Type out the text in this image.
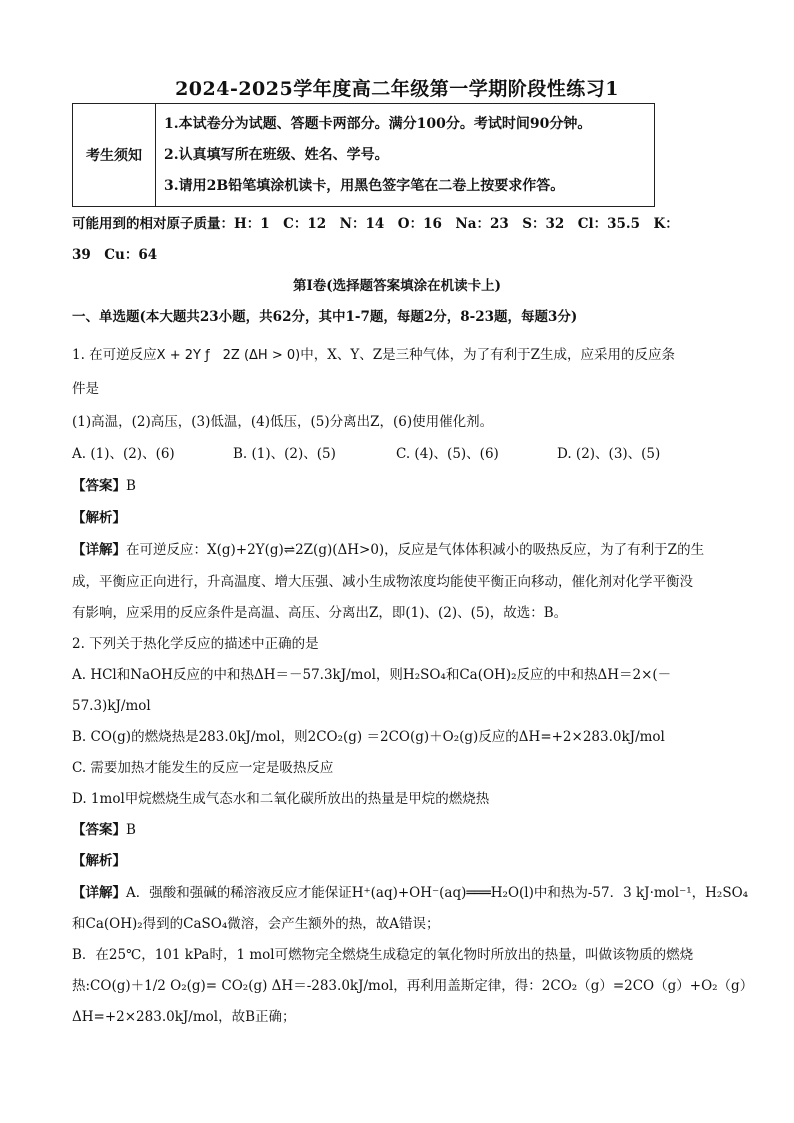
2024-2025学年度高二年级第一学期阶段性练习1
考生须知	
1.本试卷分为试题、答题卡两部分。满分100分。考试时间90分钟。
2.认真填写所在班级、姓名、学号。
3.请用2B铅笔填涂机读卡，用黑色签字笔在二卷上按要求作答。
可能用到的相对原子质量：H：1　C：12　N：14　O：16　Na：23　S：32　Cl：35.5　K：
39　Cu：64
第Ⅰ卷(选择题答案填涂在机读卡上)
一、单选题(本大题共23小题，共62分，其中1-7题，每题2分，8-23题，每题3分)
1. 在可逆反应X + 2Y ƒ　2Z (ΔH > 0)中，X、Y、Z是三种气体，为了有利于Z生成，应采用的反应条
件是
(1)高温，(2)高压，(3)低温，(4)低压，(5)分离出Z，(6)使用催化剂。
A. (1)、(2)、(6)	B. (1)、(2)、(5)	C. (4)、(5)、(6)	D. (2)、(3)、(5)
【答案】B
【解析】
【详解】在可逆反应：X(g)+2Y(g)⇌2Z(g)(ΔH>0)，反应是气体体积减小的吸热反应，为了有利于Z的生
成，平衡应正向进行，升高温度、增大压强、减小生成物浓度均能使平衡正向移动，催化剂对化学平衡没
有影响，应采用的反应条件是高温、高压、分离出Z，即(1)、(2)、(5)，故选：B。
2. 下列关于热化学反应的描述中正确的是
A. HCl和NaOH反应的中和热ΔH＝－57.3kJ/mol，则H₂SO₄和Ca(OH)₂反应的中和热ΔH＝2×(－
57.3)kJ/mol
B. CO(g)的燃烧热是283.0kJ/mol，则2CO₂(g) ＝2CO(g)＋O₂(g)反应的ΔH=+2×283.0kJ/mol
C. 需要加热才能发生的反应一定是吸热反应
D. 1mol甲烷燃烧生成气态水和二氧化碳所放出的热量是甲烷的燃烧热
【答案】B
【解析】
【详解】A．强酸和强碱的稀溶液反应才能保证H⁺(aq)+OH⁻(aq)═══H₂O(l)中和热为-57．3 kJ·mol⁻¹，H₂SO₄
和Ca(OH)₂得到的CaSO₄微溶，会产生额外的热，故A错误；
B．在25℃，101 kPa时，1 mol可燃物完全燃烧生成稳定的氧化物时所放出的热量，叫做该物质的燃烧
热:CO(g)＋1/2 O₂(g)= CO₂(g) ΔH＝-283.0kJ/mol，再利用盖斯定律，得：2CO₂（g）=2CO（g）+O₂（g）
ΔH=+2×283.0kJ/mol，故B正确；
